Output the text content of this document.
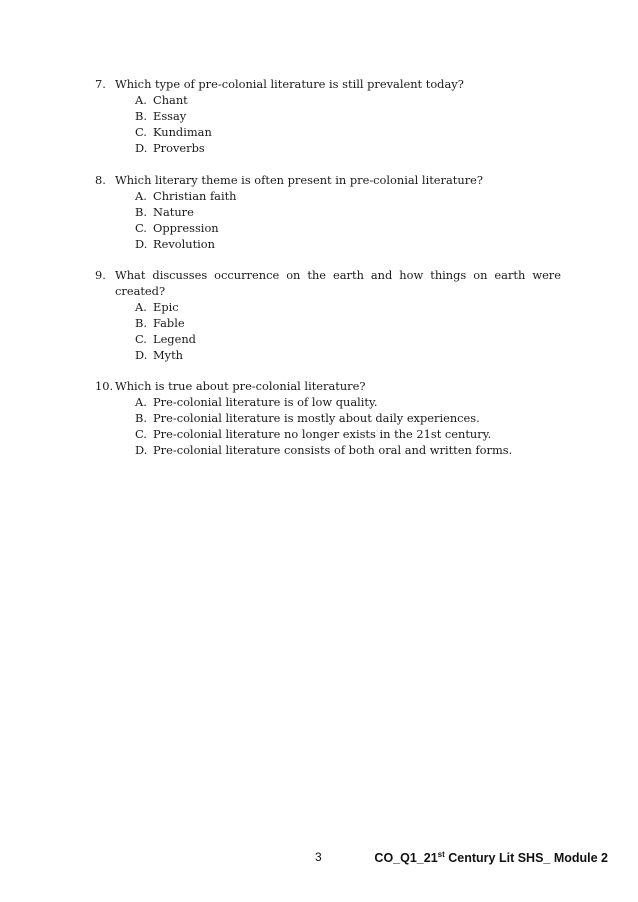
7. Which type of pre-colonial literature is still prevalent today?
A. Chant
B. Essay
C. Kundiman
D. Proverbs
8. Which literary theme is often present in pre-colonial literature?
A. Christian faith
B. Nature
C. Oppression
D. Revolution
9. What discusses occurrence on the earth and how things on earth were
created?
A. Epic
B. Fable
C. Legend
D. Myth
10. Which is true about pre-colonial literature?
A. Pre-colonial literature is of low quality.
B. Pre-colonial literature is mostly about daily experiences.
C. Pre-colonial literature no longer exists in the 21st century.
D. Pre-colonial literature consists of both oral and written forms.
3	CO_Q1_21st Century Lit SHS_ Module 2
